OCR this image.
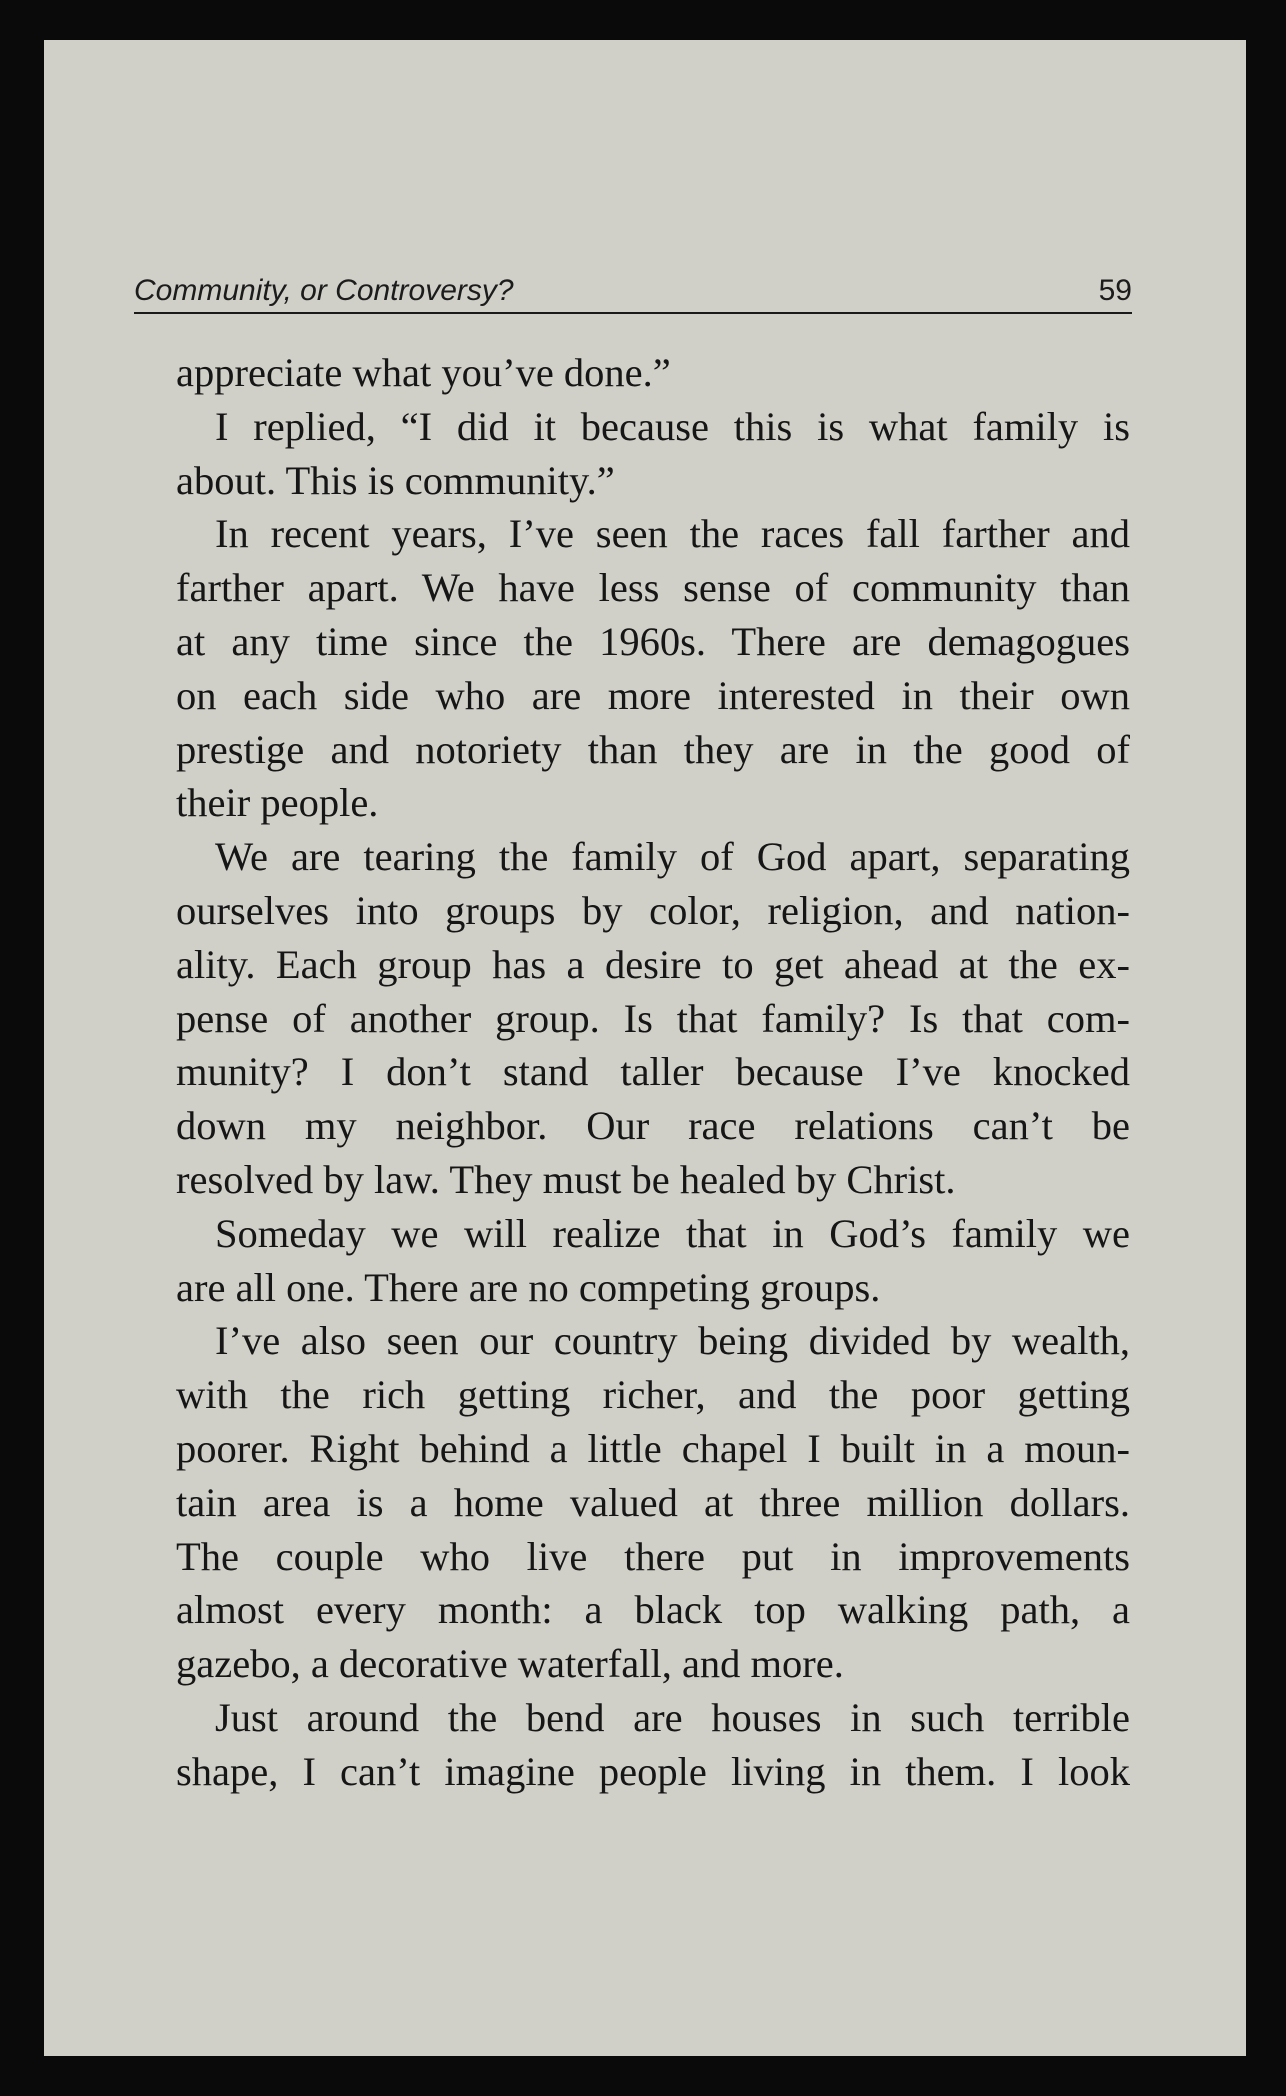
Community, or Controversy?	59
appreciate what you’ve done.”
I replied, “I did it because this is what family is
about. This is community.”
In recent years, I’ve seen the races fall farther and
farther apart. We have less sense of community than
at any time since the 1960s. There are demagogues
on each side who are more interested in their own
prestige and notoriety than they are in the good of
their people.
We are tearing the family of God apart, separating
ourselves into groups by color, religion, and nation-
ality. Each group has a desire to get ahead at the ex-
pense of another group. Is that family? Is that com-
munity? I don’t stand taller because I’ve knocked
down my neighbor. Our race relations can’t be
resolved by law. They must be healed by Christ.
Someday we will realize that in God’s family we
are all one. There are no competing groups.
I’ve also seen our country being divided by wealth,
with the rich getting richer, and the poor getting
poorer. Right behind a little chapel I built in a moun-
tain area is a home valued at three million dollars.
The couple who live there put in improvements
almost every month: a black top walking path, a
gazebo, a decorative waterfall, and more.
Just around the bend are houses in such terrible
shape, I can’t imagine people living in them. I look
